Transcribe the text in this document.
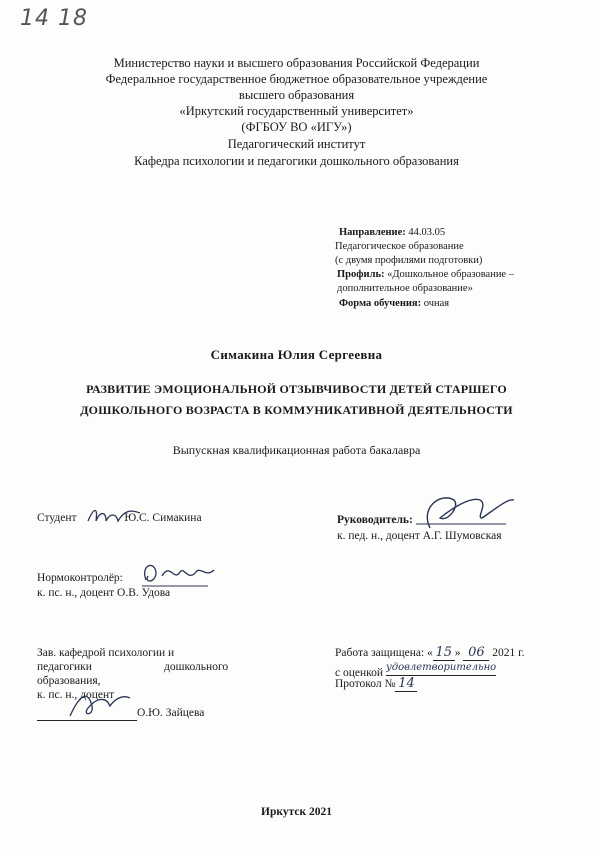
14 18
Министерство науки и высшего образования Российской Федерации
Федеральное государственное бюджетное образовательное учреждение
высшего образования
«Иркутский государственный университет»
(ФГБОУ ВО «ИГУ»)
Педагогический институт
Кафедра психологии и педагогики дошкольного образования
Направление: 44.03.05
Педагогическое образование
(с двумя профилями подготовки)
Профиль: «Дошкольное образование –
дополнительное образование»
Форма обучения: очная
Симакина Юлия Сергеевна
РАЗВИТИЕ ЭМОЦИОНАЛЬНОЙ ОТЗЫВЧИВОСТИ ДЕТЕЙ СТАРШЕГО
ДОШКОЛЬНОГО ВОЗРАСТА В КОММУНИКАТИВНОЙ ДЕЯТЕЛЬНОСТИ
Выпускная квалификационная работа бакалавра
Студент	Ю.С. Симакина	Руководитель:
к. пед. н., доцент А.Г. Шумовская
Нормоконтролёр:
к. пс. н., доцент О.В. Удова
Зав. кафедрой психологии и
педагогики	дошкольного
образования,
к. пс. н., доцент
О.Ю. Зайцева
Работа защищена: « 15 » 06 2021 г.
с оценкой удовлетворительно
Протокол № 14
Иркутск 2021
